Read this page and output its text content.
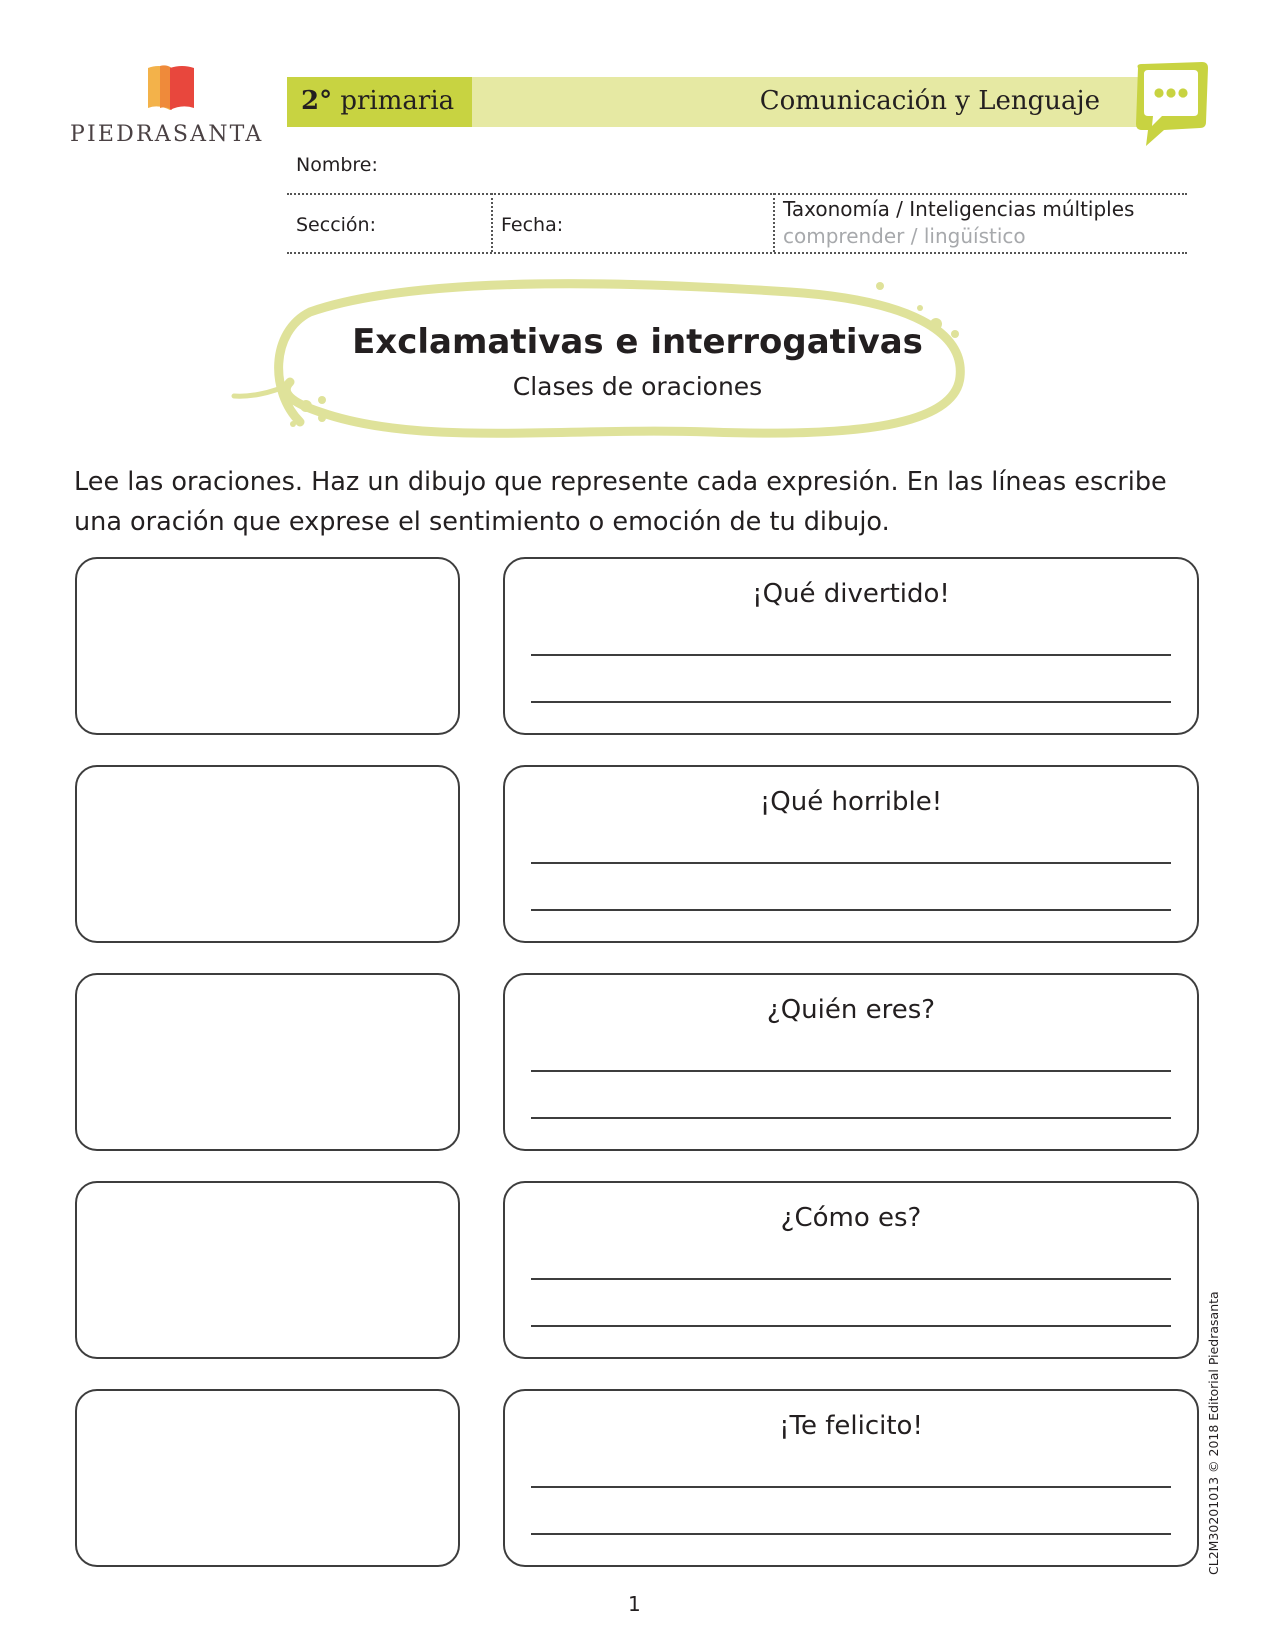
PIEDRASANTA
2° primaria	Comunicación y Lenguaje
Nombre:
Sección:	Fecha:
Taxonomía / Inteligencias múltiples
comprender / lingüístico
Exclamativas e interrogativas
Clases de oraciones
Lee las oraciones. Haz un dibujo que represente cada expresión. En las líneas escribe una oración que exprese el sentimiento o emoción de tu dibujo.
¡Qué divertido!
¡Qué horrible!
¿Quién eres?
¿Cómo es?
¡Te felicito!	CL2M30201013 © 2018 Editorial Piedrasanta
1
